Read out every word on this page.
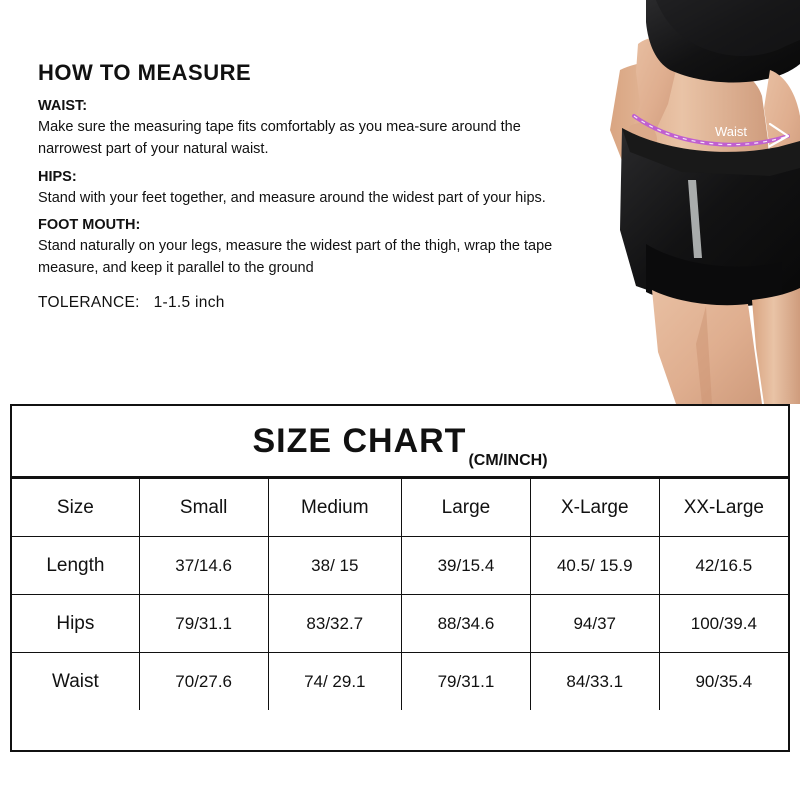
Waist
HOW TO MEASURE
WAIST:

Make sure the measuring tape fits comfortably as you mea-sure around the narrowest part of your natural waist.

HIPS:

Stand with your feet together, and measure around the widest part of your hips.

FOOT MOUTH:

Stand naturally on your legs, measure the widest part of the thigh, wrap the tape measure, and keep it parallel to the ground

TOLERANCE: 1-1.5 inch
SIZE CHART
(CM/INCH)
Size	Small	Medium	Large	X-Large	XX-Large
Length	37/14.6	38/ 15	39/15.4	40.5/ 15.9	42/16.5
Hips	79/31.1	83/32.7	88/34.6	94/37	100/39.4
Waist	70/27.6	74/ 29.1	79/31.1	84/33.1	90/35.4
